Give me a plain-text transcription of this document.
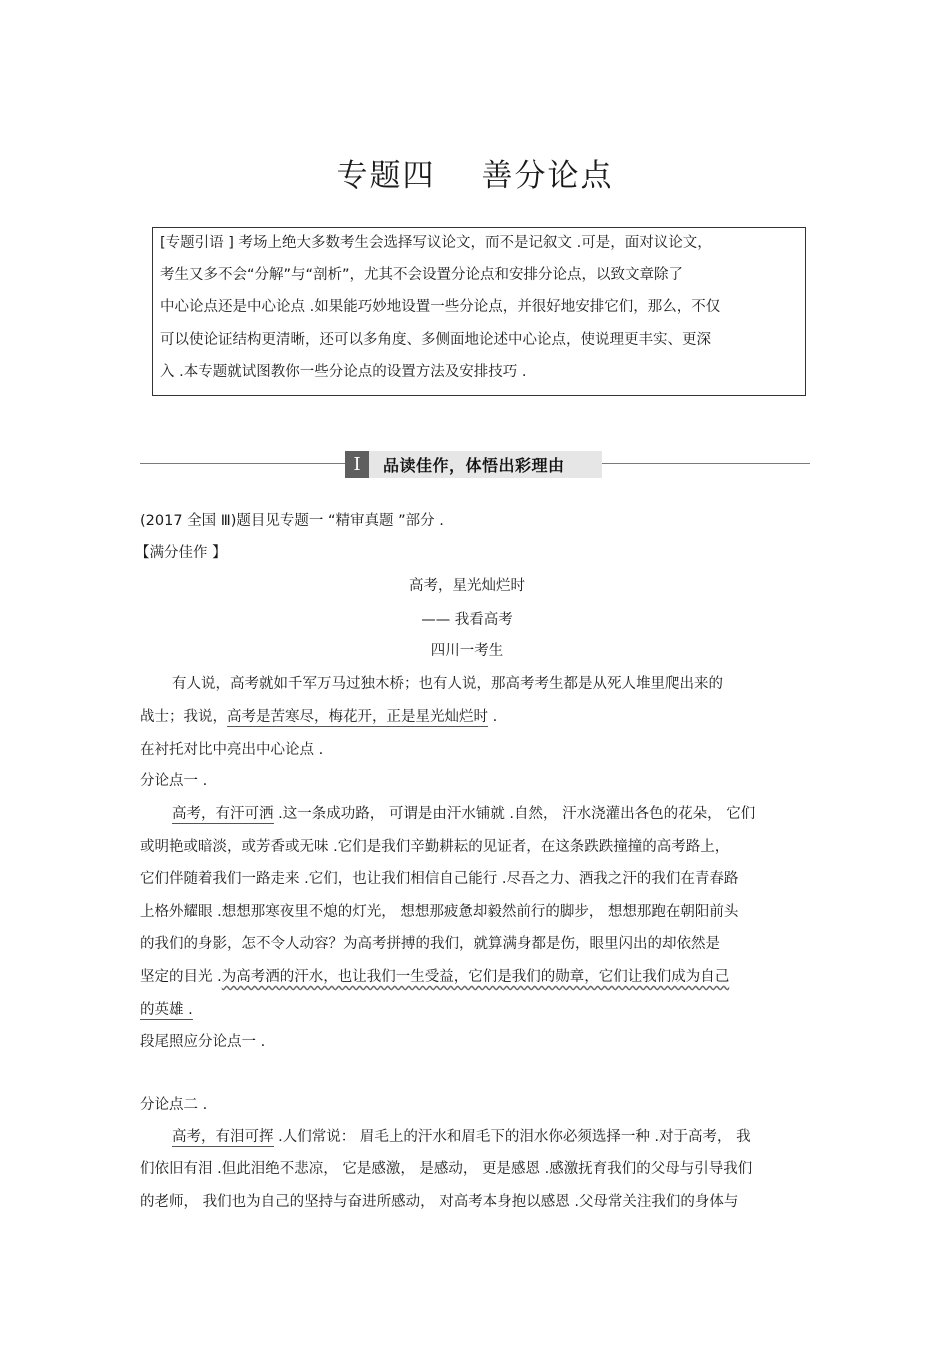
专题四 善分论点
[专题引语 ] 考场上绝大多数考生会选择写议论文，而不是记叙文 .可是，面对议论文，
考生又多不会“分解”与“剖析”，尤其不会设置分论点和安排分论点，以致文章除了
中心论点还是中心论点 .如果能巧妙地设置一些分论点，并很好地安排它们，那么，不仅
可以使论证结构更清晰，还可以多角度、多侧面地论述中心论点，使说理更丰实、更深
入 .本专题就试图教你一些分论点的设置方法及安排技巧 .
I	品读佳作，体悟出彩理由
(2017 全国 Ⅲ)题目见专题一 “精审真题 ”部分 .
【满分佳作 】
高考，星光灿烂时
—— 我看高考
四川一考生
有人说，高考就如千军万马过独木桥；也有人说，那高考考生都是从死人堆里爬出来的
战士；我说，高考是苦寒尽，梅花开，正是星光灿烂时 .
在衬托对比中亮出中心论点 .
分论点一 .
高考，有汗可洒 .这一条成功路， 可谓是由汗水铺就 .自然， 汗水浇灌出各色的花朵， 它们
或明艳或暗淡，或芳香或无味 .它们是我们辛勤耕耘的见证者，在这条跌跌撞撞的高考路上，
它们伴随着我们一路走来 .它们，也让我们相信自己能行 .尽吾之力、酒我之汗的我们在青春路
上格外耀眼 .想想那寒夜里不熄的灯光， 想想那疲惫却毅然前行的脚步， 想想那跑在朝阳前头
的我们的身影，怎不令人动容？为高考拼搏的我们，就算满身都是伤，眼里闪出的却依然是
坚定的目光 .为高考洒的汗水，也让我们一生受益，它们是我们的勋章，它们让我们成为自己
的英雄 .
段尾照应分论点一 .
分论点二 .
高考，有泪可挥 .人们常说： 眉毛上的汗水和眉毛下的泪水你必须选择一种 .对于高考， 我
们依旧有泪 .但此泪绝不悲凉， 它是感激， 是感动， 更是感恩 .感激抚育我们的父母与引导我们
的老师， 我们也为自己的坚持与奋进所感动， 对高考本身抱以感恩 .父母常关注我们的身体与
